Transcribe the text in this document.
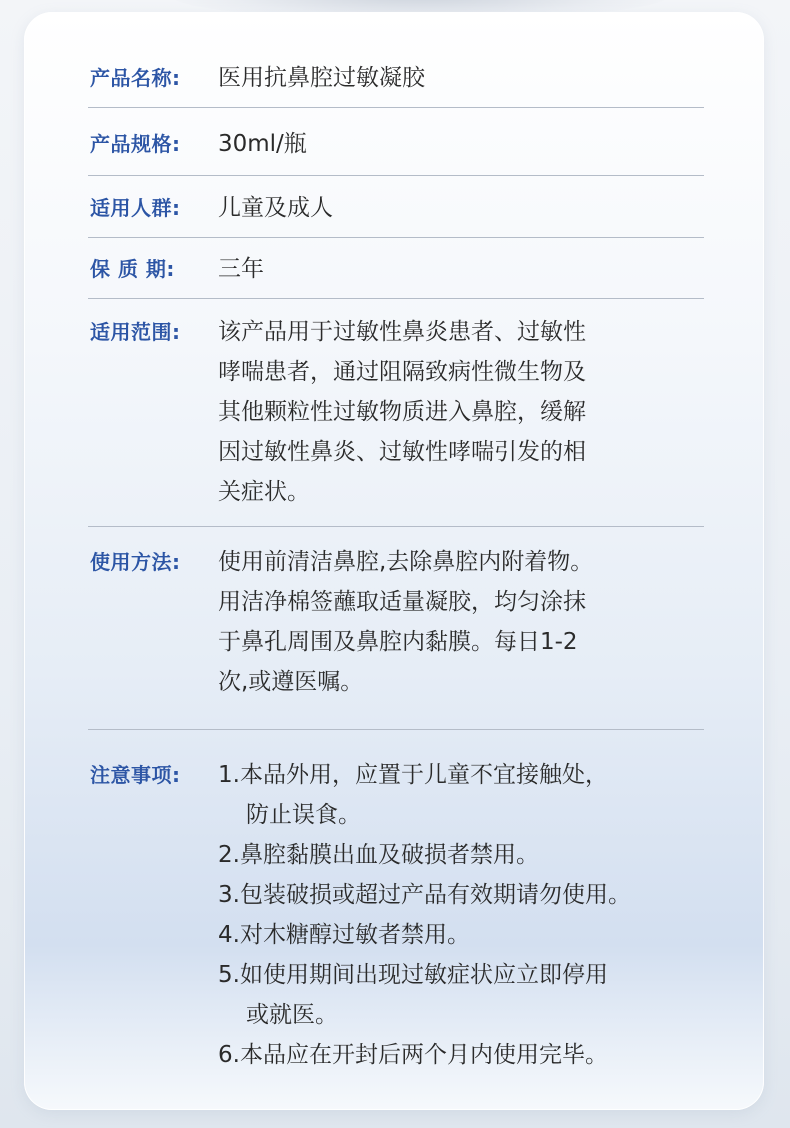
产品名称: 医用抗鼻腔过敏凝胶
产品规格: 30ml/瓶
适用人群: 儿童及成人
保 质 期: 三年
适用范围: 该产品用于过敏性鼻炎患者、过敏性
哮喘患者，通过阻隔致病性微生物及
其他颗粒性过敏物质进入鼻腔，缓解
因过敏性鼻炎、过敏性哮喘引发的相
关症状。
使用方法: 使用前清洁鼻腔,去除鼻腔内附着物。
用洁净棉签蘸取适量凝胶，均匀涂抹
于鼻孔周围及鼻腔内黏膜。每日1-2
次,或遵医嘱。
注意事项: 1.本品外用，应置于儿童不宜接触处，
防止误食。
2.鼻腔黏膜出血及破损者禁用。
3.包装破损或超过产品有效期请勿使用。
4.对木糖醇过敏者禁用。
5.如使用期间出现过敏症状应立即停用
或就医。
6.本品应在开封后两个月内使用完毕。
